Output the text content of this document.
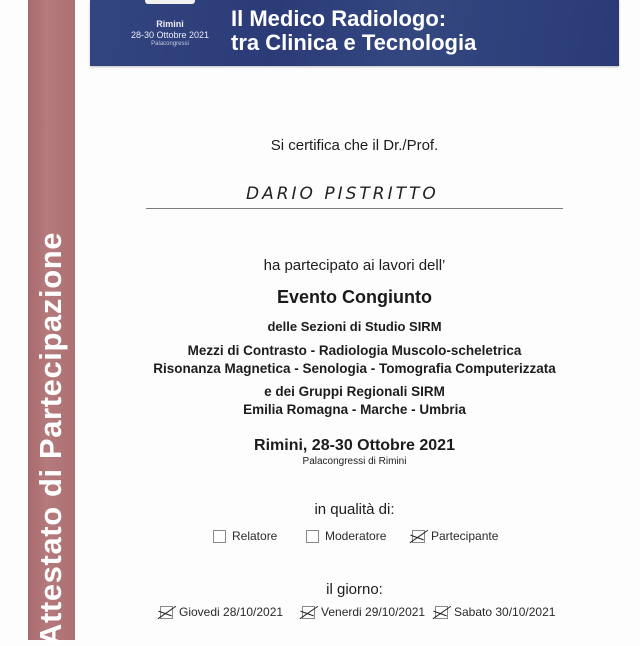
Attestato di Partecipazione
Rimini
28-30 Ottobre 2021
Palacongressi
Il Medico Radiologo:
tra Clinica e Tecnologia
Si certifica che il Dr./Prof.
DARIO PISTRITTO
ha partecipato ai lavori dell’
Evento Congiunto
delle Sezioni di Studio SIRM
Mezzi di Contrasto - Radiologia Muscolo-scheletrica
Risonanza Magnetica - Senologia - Tomografia Computerizzata
e dei Gruppi Regionali SIRM
Emilia Romagna - Marche - Umbria
Rimini, 28-30 Ottobre 2021
Palacongressi di Rimini
in qualità di:
Relatore	Moderatore	Partecipante
il giorno:
Giovedi 28/10/2021	Venerdi 29/10/2021 Sabato 30/10/2021
